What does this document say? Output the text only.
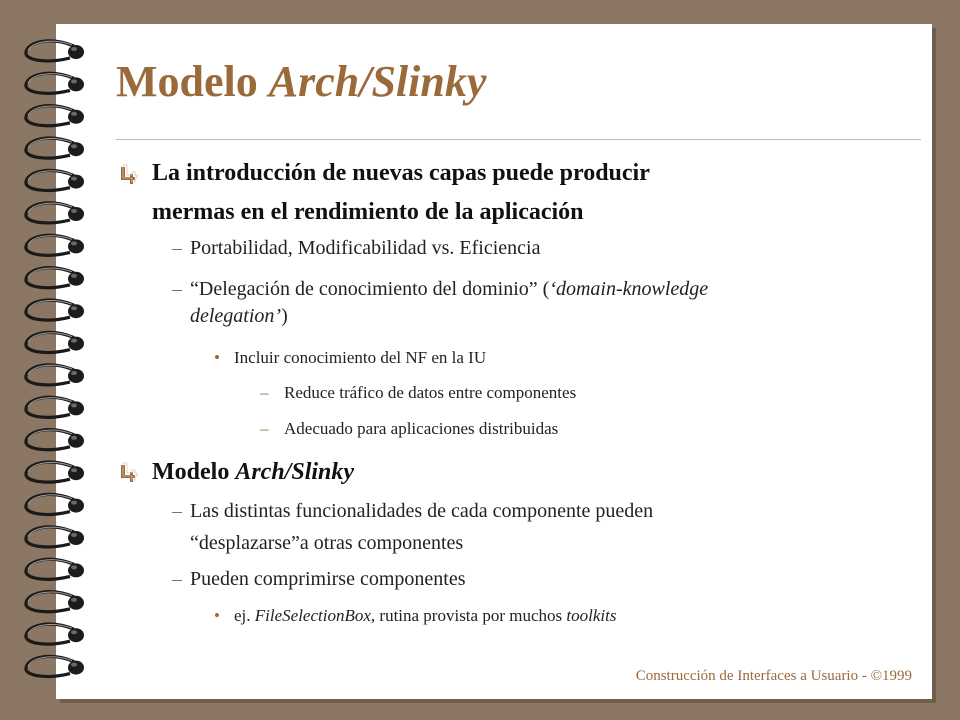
Modelo Arch/Slinky
La introducción de nuevas capas puede producir
mermas en el rendimiento de la aplicación
– Portabilidad, Modificabilidad vs. Eficiencia
– “Delegación de conocimiento del dominio” (‘domain-knowledge
delegation’)
• Incluir conocimiento del NF en la IU
– Reduce tráfico de datos entre componentes
– Adecuado para aplicaciones distribuidas
Modelo Arch/Slinky
– Las distintas funcionalidades de cada componente pueden
“desplazarse”a otras componentes
– Pueden comprimirse componentes
• ej. FileSelectionBox, rutina provista por muchos toolkits
Construcción de Interfaces a Usuario - ©1999
